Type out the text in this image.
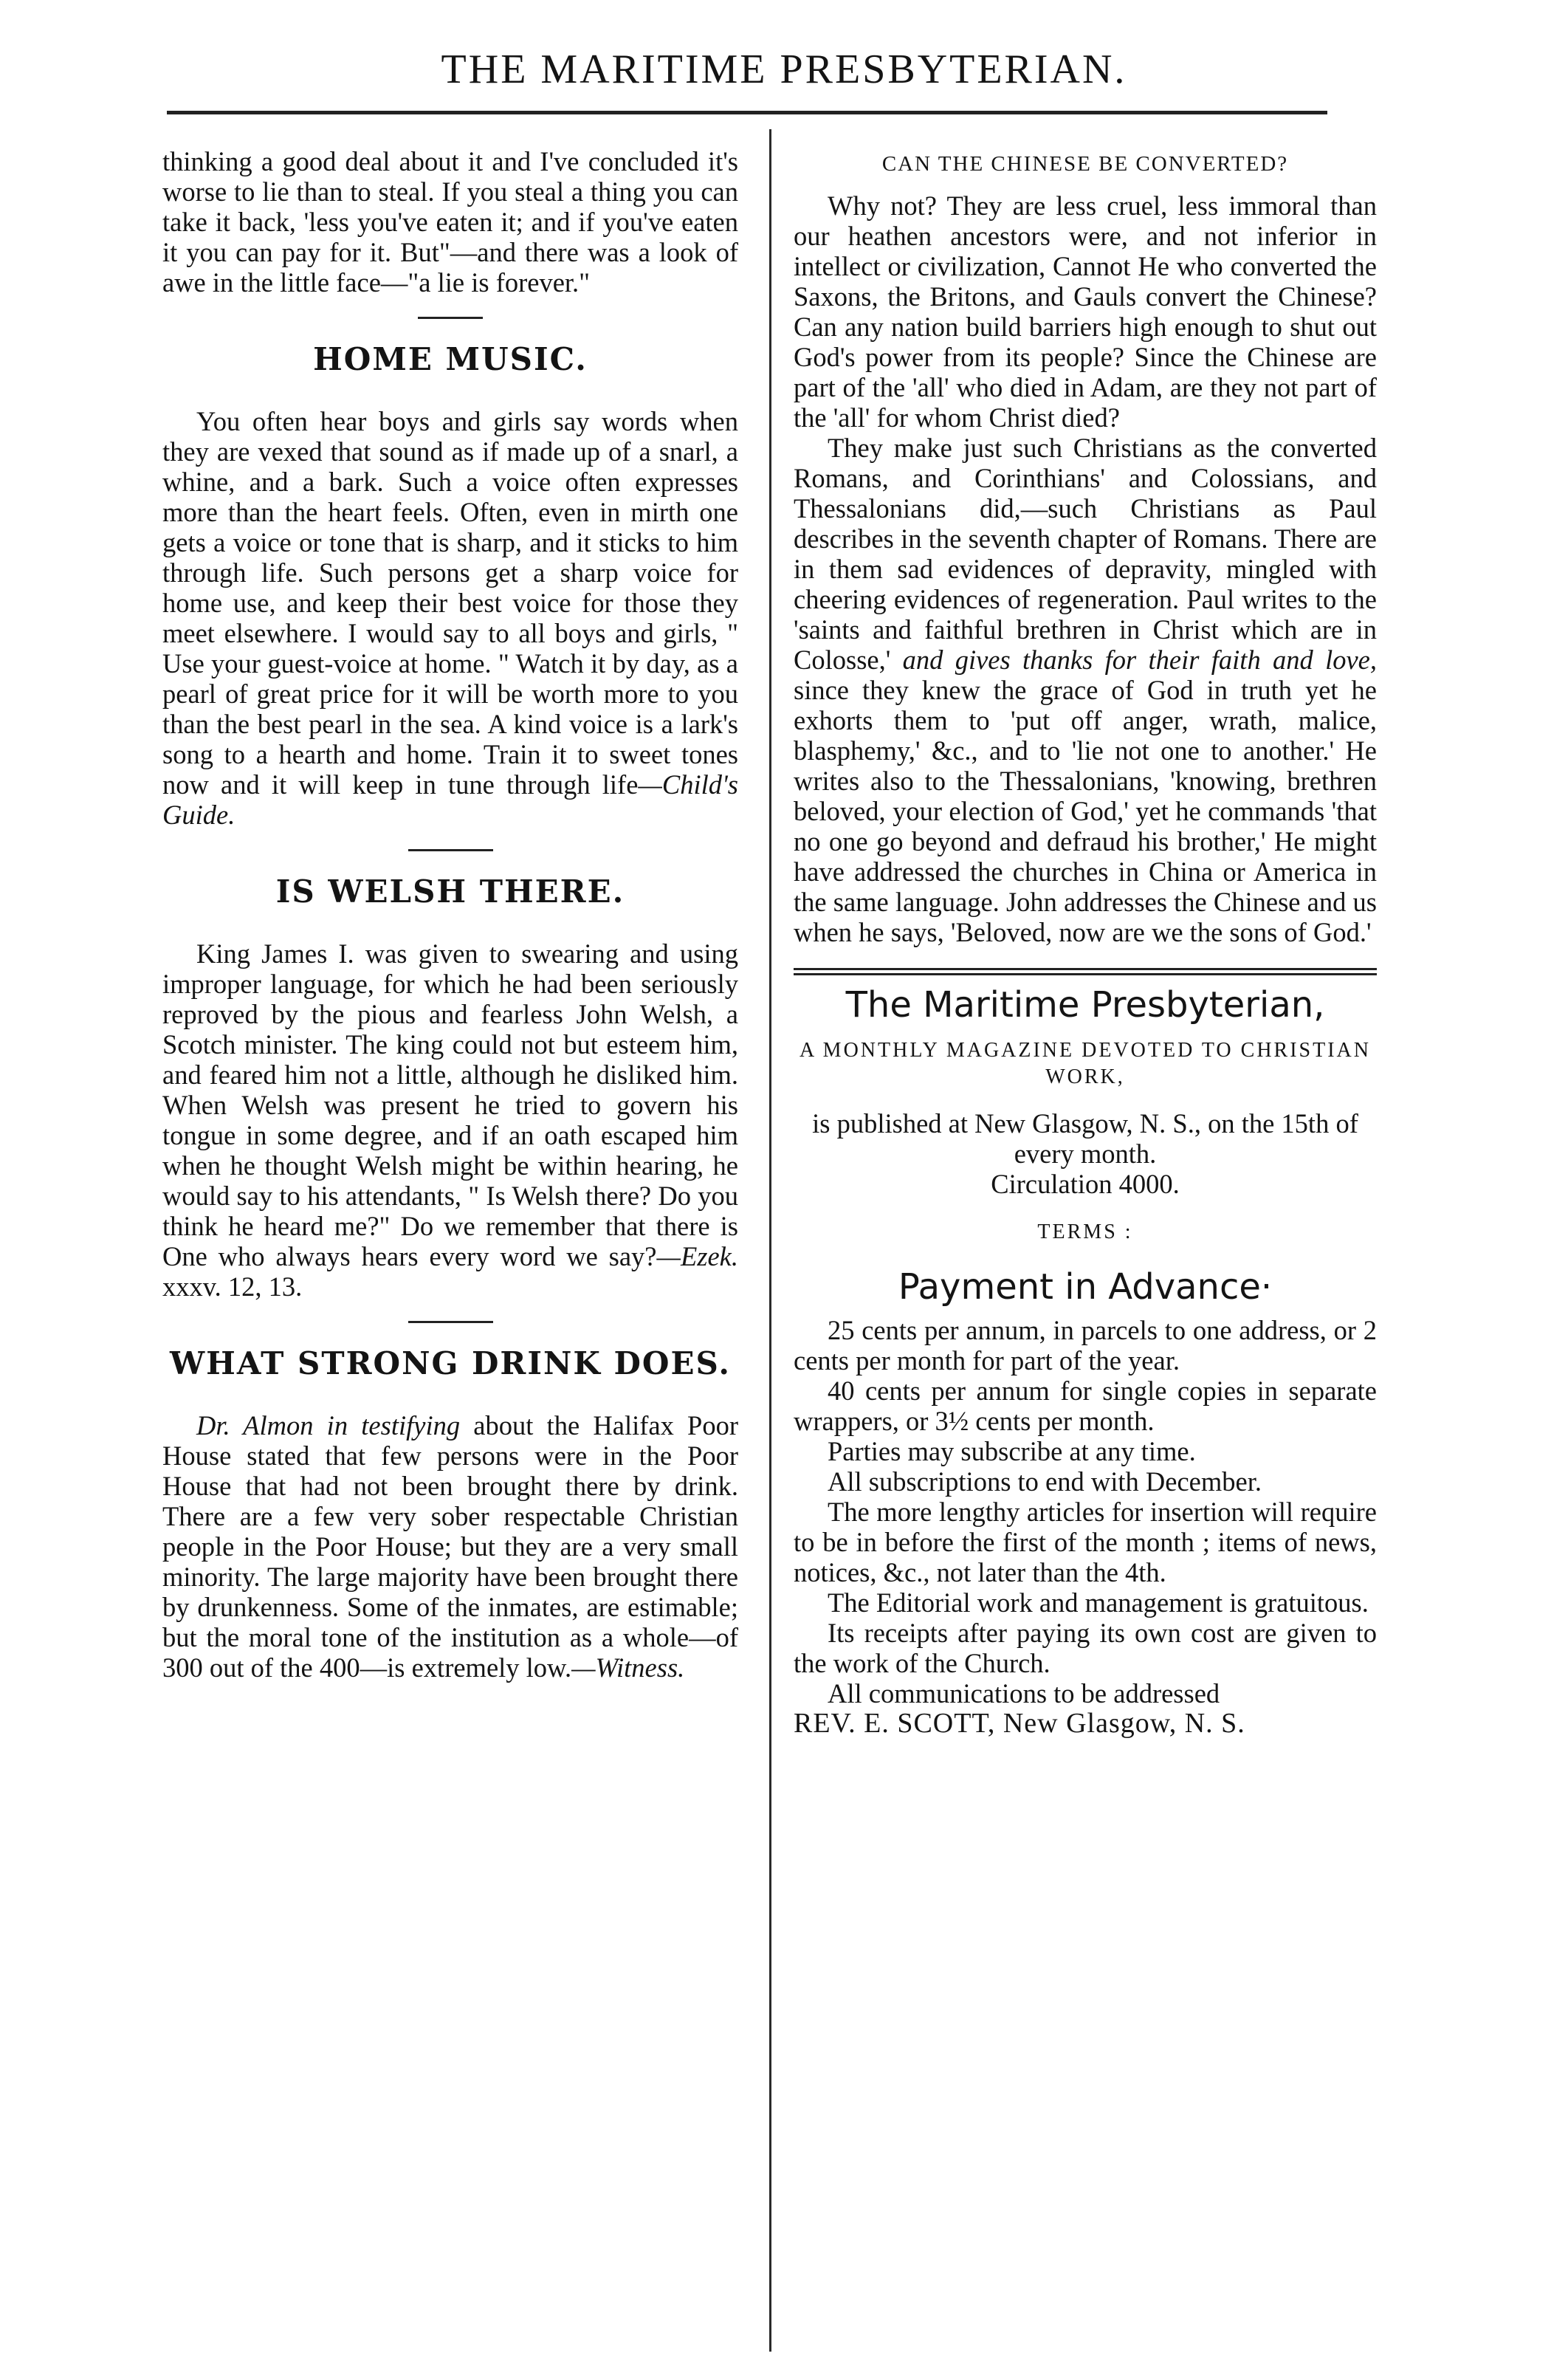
THE MARITIME PRESBYTERIAN.

thinking a good deal about it and I've concluded it's worse to lie than to steal. If you steal a thing you can take it back, 'less you've eaten it; and if you've eaten it you can pay for it. But"—and there was a look of awe in the little face—"a lie is forever."

HOME MUSIC.

You often hear boys and girls say words when they are vexed that sound as if made up of a snarl, a whine, and a bark. Such a voice often expresses more than the heart feels. Often, even in mirth one gets a voice or tone that is sharp, and it sticks to him through life. Such persons get a sharp voice for home use, and keep their best voice for those they meet elsewhere. I would say to all boys and girls, " Use your guest-voice at home. " Watch it by day, as a pearl of great price for it will be worth more to you than the best pearl in the sea. A kind voice is a lark's song to a hearth and home. Train it to sweet tones now and it will keep in tune through life—Child's Guide.

IS WELSH THERE.

King James I. was given to swearing and using improper language, for which he had been seriously reproved by the pious and fearless John Welsh, a Scotch minister. The king could not but esteem him, and feared him not a little, although he disliked him. When Welsh was present he tried to govern his tongue in some degree, and if an oath escaped him when he thought Welsh might be within hearing, he would say to his attendants, " Is Welsh there? Do you think he heard me?" Do we remember that there is One who always hears every word we say?—Ezek. xxxv. 12, 13.

WHAT STRONG DRINK DOES.

Dr. Almon in testifying about the Halifax Poor House stated that few persons were in the Poor House that had not been brought there by drink. There are a few very sober respectable Christian people in the Poor House; but they are a very small minority. The large majority have been brought there by drunkenness. Some of the inmates, are estimable; but the moral tone of the institution as a whole—of 300 out of the 400—is extremely low.—Witness.

CAN THE CHINESE BE CONVERTED?

Why not? They are less cruel, less immoral than our heathen ancestors were, and not inferior in intellect or civilization, Cannot He who converted the Saxons, the Britons, and Gauls convert the Chinese? Can any nation build barriers high enough to shut out God's power from its people? Since the Chinese are part of the 'all' who died in Adam, are they not part of the 'all' for whom Christ died?

They make just such Christians as the converted Romans, and Corinthians' and Colossians, and Thessalonians did,—such Christians as Paul describes in the seventh chapter of Romans. There are in them sad evidences of depravity, mingled with cheering evidences of regeneration. Paul writes to the 'saints and faithful brethren in Christ which are in Colosse,' and gives thanks for their faith and love, since they knew the grace of God in truth yet he exhorts them to 'put off anger, wrath, malice, blasphemy,' &c., and to 'lie not one to another.' He writes also to the Thessalonians, 'knowing, brethren beloved, your election of God,' yet he commands 'that no one go beyond and defraud his brother,' He might have addressed the churches in China or America in the same language. John addresses the Chinese and us when he says, 'Beloved, now are we the sons of God.'

The Maritime Presbyterian,
A MONTHLY MAGAZINE DEVOTED TO CHRISTIAN WORK,

is published at New Glasgow, N. S., on the 15th of every month.

Circulation 4000.

TERMS :
Payment in Advance·

25 cents per annum, in parcels to one address, or 2 cents per month for part of the year.

40 cents per annum for single copies in separate wrappers, or 3½ cents per month.

Parties may subscribe at any time.

All subscriptions to end with December.

The more lengthy articles for insertion will require to be in before the first of the month ; items of news, notices, &c., not later than the 4th.

The Editorial work and management is gratuitous.

Its receipts after paying its own cost are given to the work of the Church.

All communications to be addressed

REV. E. SCOTT, New Glasgow, N. S.
